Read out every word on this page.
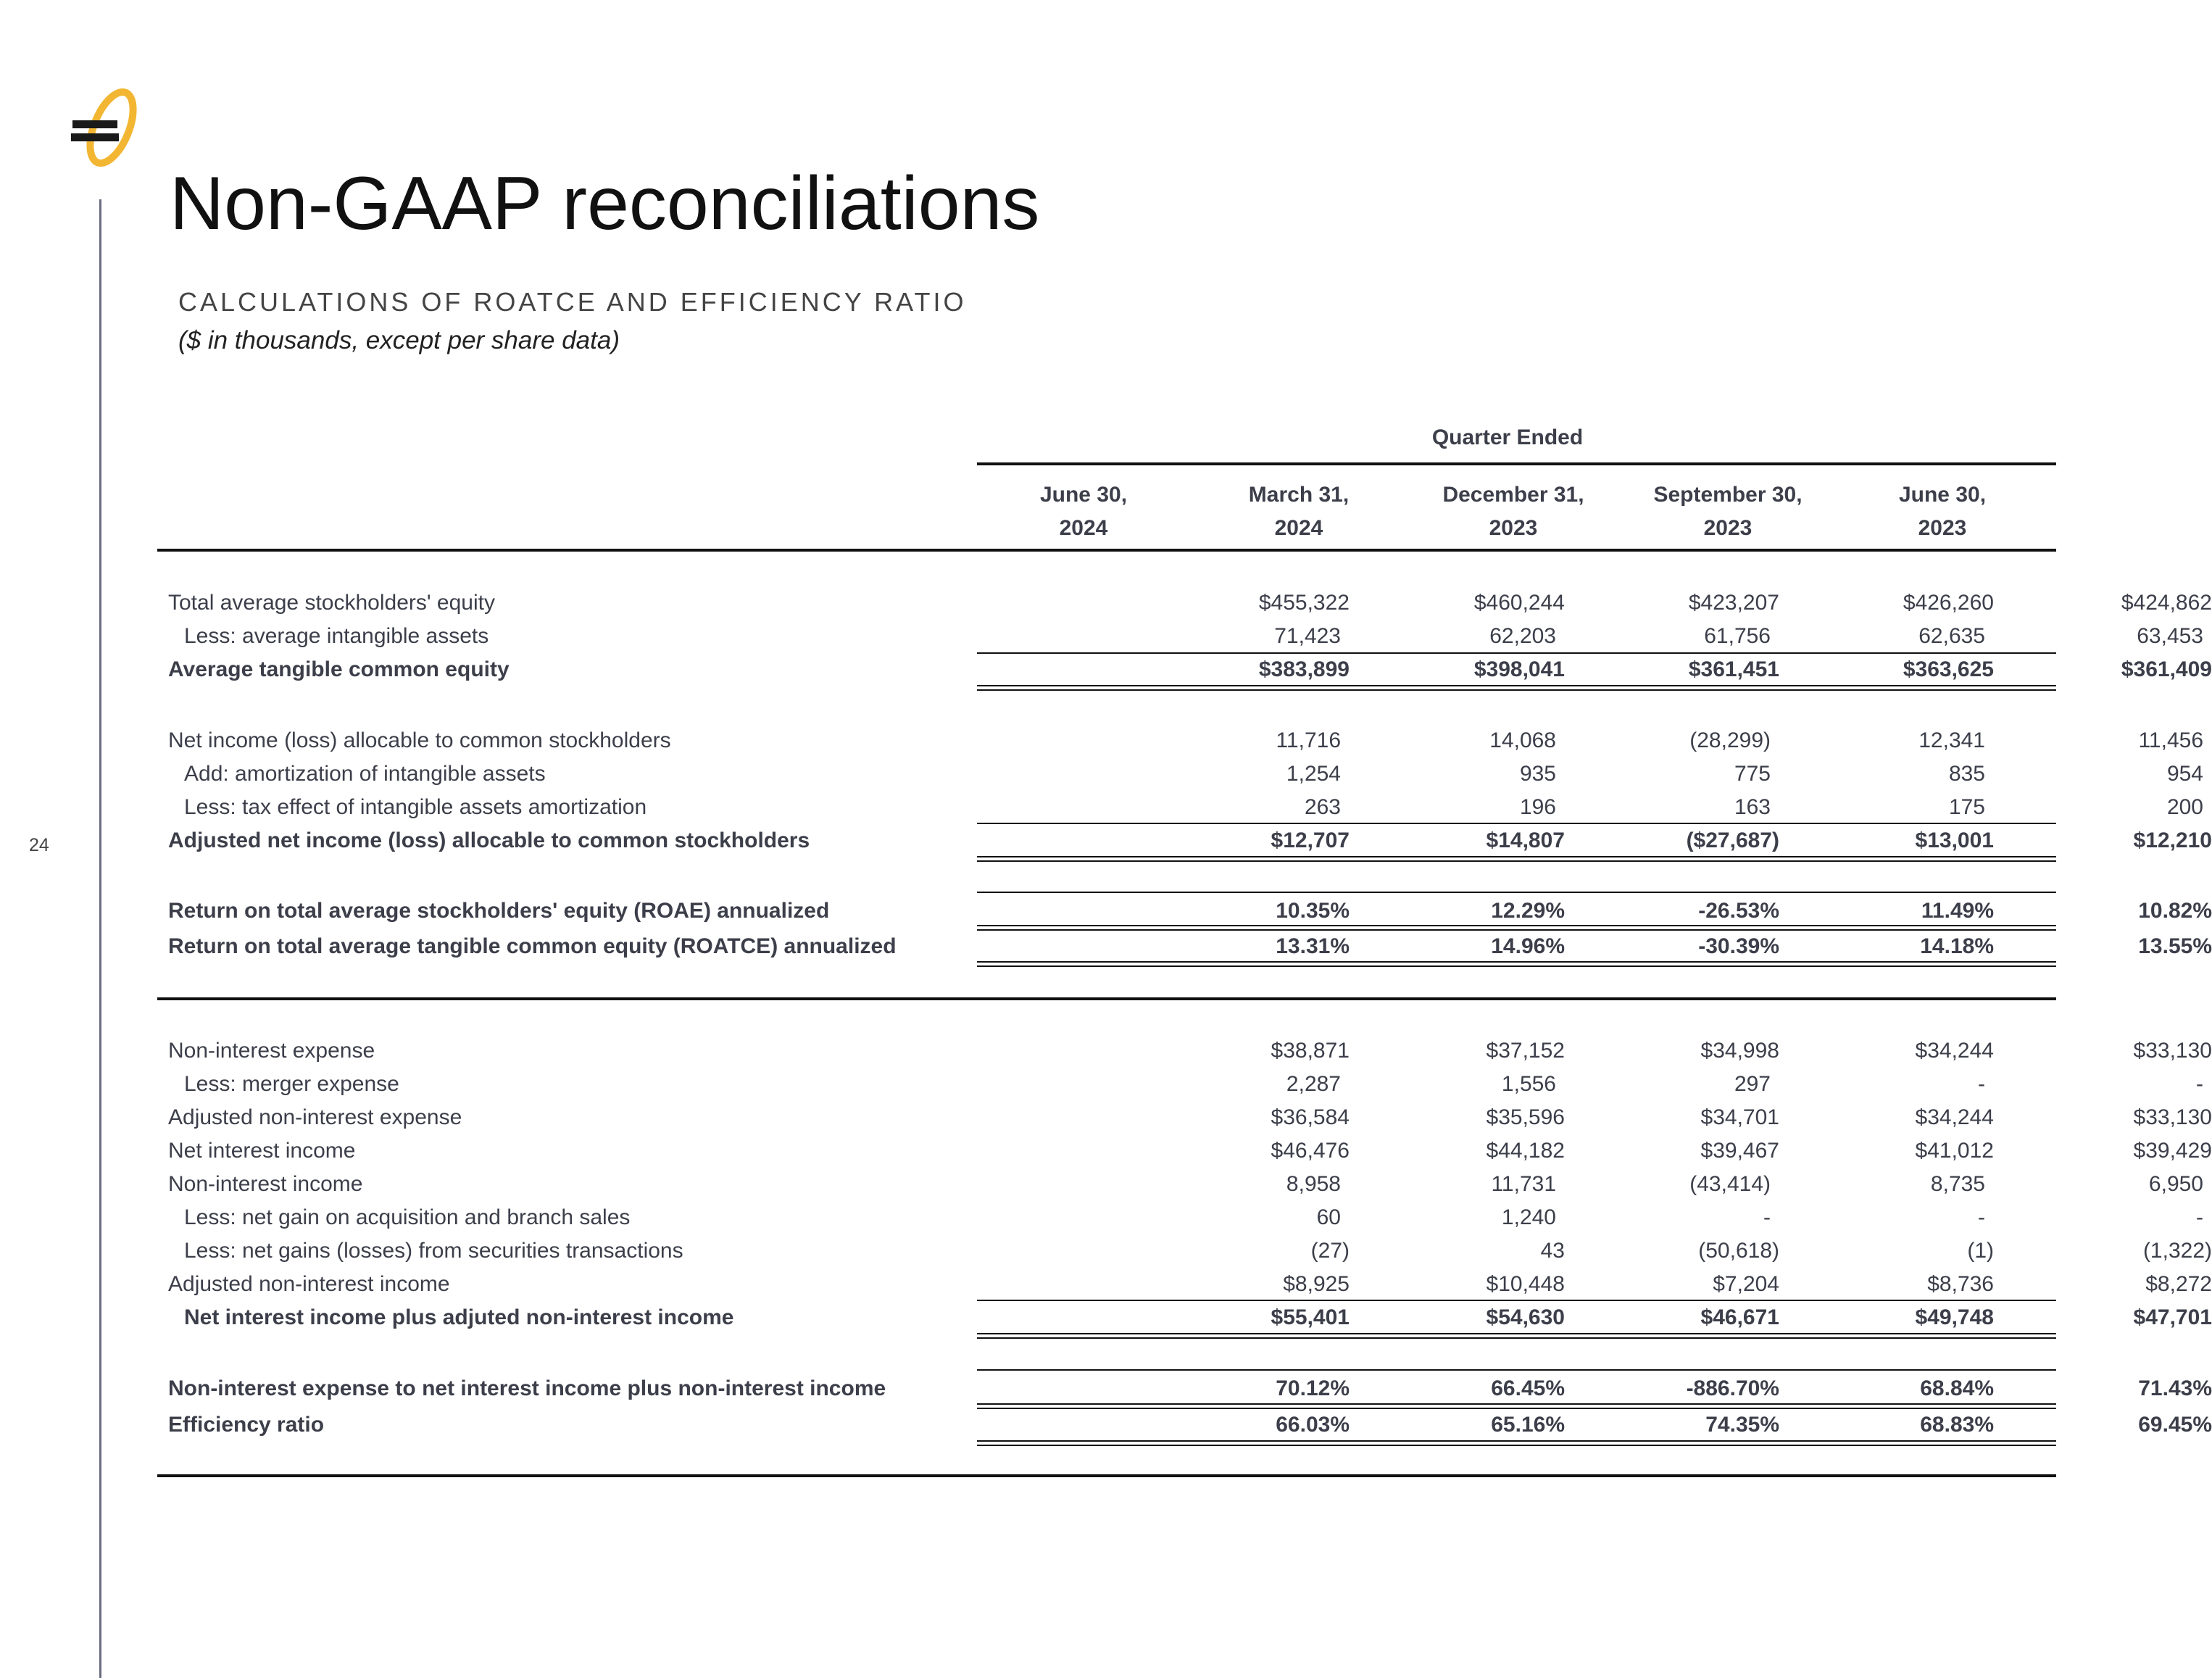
24
Non-GAAP reconciliations
CALCULATIONS OF ROATCE AND EFFICIENCY RATIO
($ in thousands, except per share data)
Quarter Ended
June 30,
2024
March 31,
2024
December 31,
2023
September 30,
2023
June 30,
2023
Total average stockholders' equity	$455,322	$460,244	$423,207	$426,260	$424,862
Less: average intangible assets	71,423	62,203	61,756	62,635	63,453
Average tangible common equity	$383,899	$398,041	$361,451	$363,625	$361,409
Net income (loss) allocable to common stockholders	11,716	14,068	(28,299)	12,341	11,456
Add: amortization of intangible assets	1,254	935	775	835	954
Less: tax effect of intangible assets amortization	263	196	163	175	200
Adjusted net income (loss) allocable to common stockholders	$12,707	$14,807	($27,687)	$13,001	$12,210
Return on total average stockholders' equity (ROAE) annualized	10.35%	12.29%	-26.53%	11.49%	10.82%
Return on total average tangible common equity (ROATCE) annualized	13.31%	14.96%	-30.39%	14.18%	13.55%
Non-interest expense	$38,871	$37,152	$34,998	$34,244	$33,130
Less: merger expense	2,287	1,556	297	-	-
Adjusted non-interest expense	$36,584	$35,596	$34,701	$34,244	$33,130
Net interest income	$46,476	$44,182	$39,467	$41,012	$39,429
Non-interest income	8,958	11,731	(43,414)	8,735	6,950
Less: net gain on acquisition and branch sales	60	1,240	-	-	-
Less: net gains (losses) from securities transactions	(27)	43	(50,618)	(1)	(1,322)
Adjusted non-interest income	$8,925	$10,448	$7,204	$8,736	$8,272
Net interest income plus adjuted non-interest income	$55,401	$54,630	$46,671	$49,748	$47,701
Non-interest expense to net interest income plus non-interest income	70.12%	66.45%	-886.70%	68.84%	71.43%
Efficiency ratio	66.03%	65.16%	74.35%	68.83%	69.45%
